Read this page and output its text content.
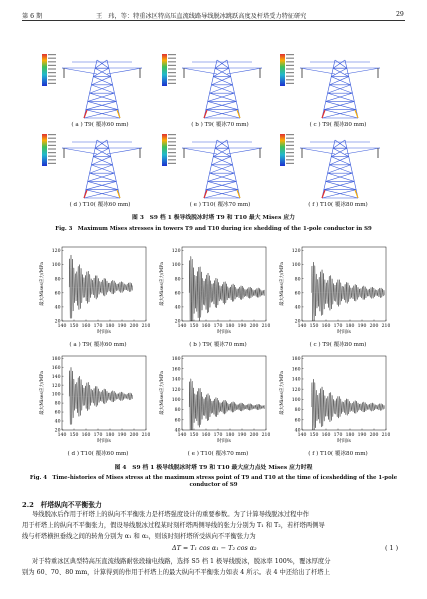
第 6 期	王　玮，等：特重冰区特高压直流线路导线脱冰跳跃高度及杆塔受力特征研究	29
( a ) T9( 覆冰60 mm)	( b ) T9( 覆冰70 mm)	( c ) T9( 覆冰80 mm)
( d ) T10( 覆冰60 mm)	( e ) T10( 覆冰70 mm)	( f ) T10( 覆冰80 mm)
图 3　S9 档 1 极导线脱冰时塔 T9 和 T10 最大 Mises 应力
Fig. 3　Maximum Mises stresses in towers T9 and T10 during ice shedding of the 1-pole conductor in S9
140 150 160 170 180 190 200 210
120
100
80
60
40
20
时间/s
最大Mises应力/MPa
( a ) T9( 覆冰60 mm)
140 150 160 170 180 190 200 210
120
100
80
60
40
20
时间/s
最大Mises应力/MPa
( b ) T9( 覆冰70 mm)
140 150 160 170 180 190 200 210
120
100
80
60
40
20
时间/s
最大Mises应力/MPa
( c ) T9( 覆冰80 mm)
140 150 160 170 180 190 200 210
180
160
140
120
100
80
60
40
20
时间/s
最大Mises应力/MPa
( d ) T10( 覆冰60 mm)
140 150 160 170 180 190 200 210
180
160
140
120
100
80
60
40
时间/s
最大Mises应力/MPa
( e ) T10( 覆冰70 mm)
140 150 160 170 180 190 200 210
180
160
140
120
100
80
60
40
时间/s
最大Mises应力/MPa
( f ) T10( 覆冰80 mm)
图 4　S9 档 1 极导线脱冰时塔 T9 和 T10 最大应力点处 Mises 应力时程
Fig. 4　Time-histories of Mises stress at the maximum stress point of T9 and T10 at the time of iceshedding of the 1-pole
conductor of S9
2.2　杆塔纵向不平衡张力
导线脱冰后作用于杆塔上的纵向不平衡张力是杆塔强度设计的重要参数。为了计算导线脱冰过程中作
用于杆塔上的纵向不平衡张力，假设导线脱冰过程某时刻杆塔两侧导线的张力分别为 T₁ 和 T₂，若杆塔两侧导
线与杆塔横担垂线之间的转角分别为 α₁ 和 α₂，则该时刻杆塔所受纵向不平衡张力为
ΔT = T₁ cos α₁ − T₂ cos α₂	( 1 )
对于特重冰区典型特高压直流线路耐张段输电线路，选择 S5 档 1 极导线脱冰，脱冰率 100%，覆冰厚度分
别为 60、70、80 mm，计算得到的作用于杆塔上的最大纵向不平衡张力如表 4 所示。表 4 中还给出了杆塔上
